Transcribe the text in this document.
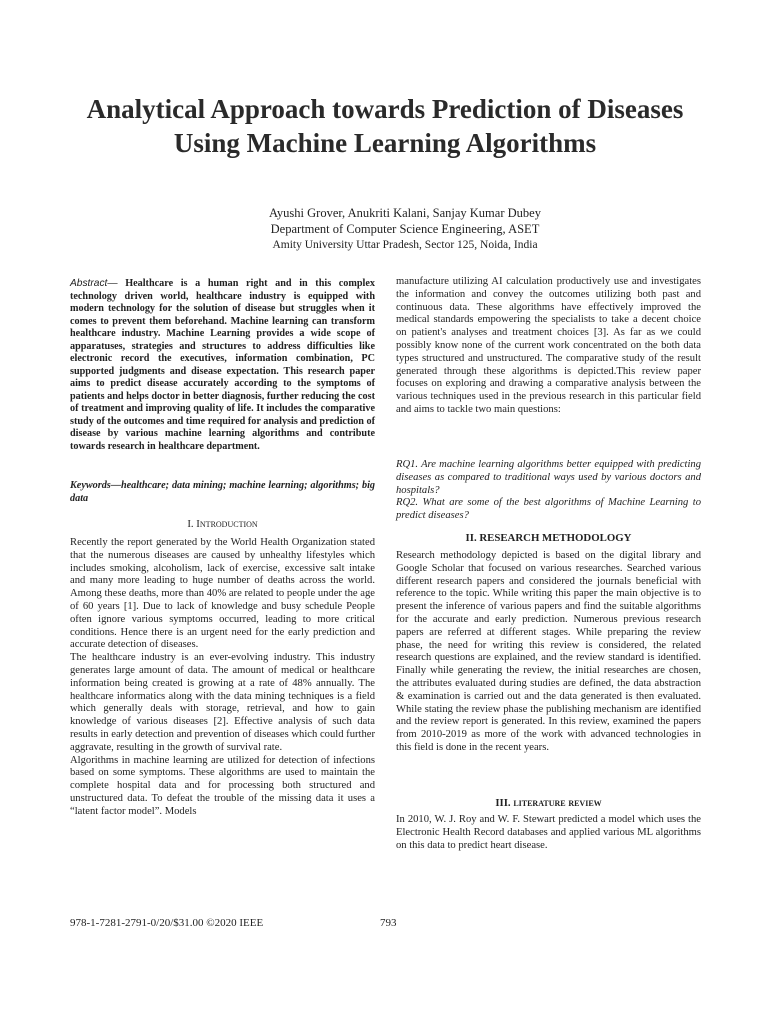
Analytical Approach towards Prediction of Diseases Using Machine Learning Algorithms
Ayushi Grover, Anukriti Kalani, Sanjay Kumar Dubey
Department of Computer Science Engineering, ASET
Amity University Uttar Pradesh, Sector 125, Noida, India
Abstract— Healthcare is a human right and in this complex technology driven world, healthcare industry is equipped with modern technology for the solution of disease but struggles when it comes to prevent them beforehand. Machine learning can transform healthcare industry. Machine Learning provides a wide scope of apparatuses, strategies and structures to address difficulties like electronic record the executives, information combination, PC supported judgments and disease expectation. This research paper aims to predict disease accurately according to the symptoms of patients and helps doctor in better diagnosis, further reducing the cost of treatment and improving quality of life. It includes the comparative study of the outcomes and time required for analysis and prediction of disease by various machine learning algorithms and contribute towards research in healthcare department.
Keywords—healthcare; data mining; machine learning; algorithms; big data
I. Introduction

Recently the report generated by the World Health Organization stated that the numerous diseases are caused by unhealthy lifestyles which includes smoking, alcoholism, lack of exercise, excessive salt intake and many more leading to huge number of deaths across the world. Among these deaths, more than 40% are related to people under the age of 60 years [1]. Due to lack of knowledge and busy schedule People often ignore various symptoms occurred, leading to more critical conditions. Hence there is an urgent need for the early prediction and accurate detection of diseases.

The healthcare industry is an ever-evolving industry. This industry generates large amount of data. The amount of medical or healthcare information being created is growing at a rate of 48% annually. The healthcare informatics along with the data mining techniques is a field which generally deals with storage, retrieval, and how to gain knowledge of various diseases [2]. Effective analysis of such data results in early detection and prevention of diseases which could further aggravate, resulting in the growth of survival rate.

Algorithms in machine learning are utilized for detection of infections based on some symptoms. These algorithms are used to maintain the complete hospital data and for processing both structured and unstructured data. To defeat the trouble of the missing data it uses a “latent factor model”. Models

manufacture utilizing AI calculation productively use and investigates the information and convey the outcomes utilizing both past and continuous data. These algorithms have effectively improved the medical standards empowering the specialists to take a decent choice on patient's analyses and treatment choices [3]. As far as we could possibly know none of the current work concentrated on the both data types structured and unstructured. The comparative study of the result generated through these algorithms is depicted.This review paper focuses on exploring and drawing a comparative analysis between the various techniques used in the previous research in this particular field and aims to tackle two main questions:

RQ1. Are machine learning algorithms better equipped with predicting diseases as compared to traditional ways used by various doctors and hospitals?

RQ2. What are some of the best algorithms of Machine Learning to predict diseases?

II. RESEARCH METHODOLOGY

Research methodology depicted is based on the digital library and Google Scholar that focused on various researches. Searched various different research papers and considered the journals beneficial with reference to the topic. While writing this paper the main objective is to present the inference of various papers and find the suitable algorithms for the accurate and early prediction. Numerous previous research papers are referred at different stages. While preparing the review phase, the need for writing this review is considered, the related research questions are explained, and the review standard is identified. Finally while generating the review, the initial researches are chosen, the attributes evaluated during studies are defined, the data abstraction & examination is carried out and the data generated is then evaluated. While stating the review phase the publishing mechanism are identified and the review report is generated. In this review, examined the papers from 2010-2019 as more of the work with advanced technologies in this field is done in the recent years.

III. literature review

In 2010, W. J. Roy and W. F. Stewart predicted a model which uses the Electronic Health Record databases and applied various ML algorithms on this data to predict heart disease.

978-1-7281-2791-0/20/$31.00 ©2020 IEEE	793
